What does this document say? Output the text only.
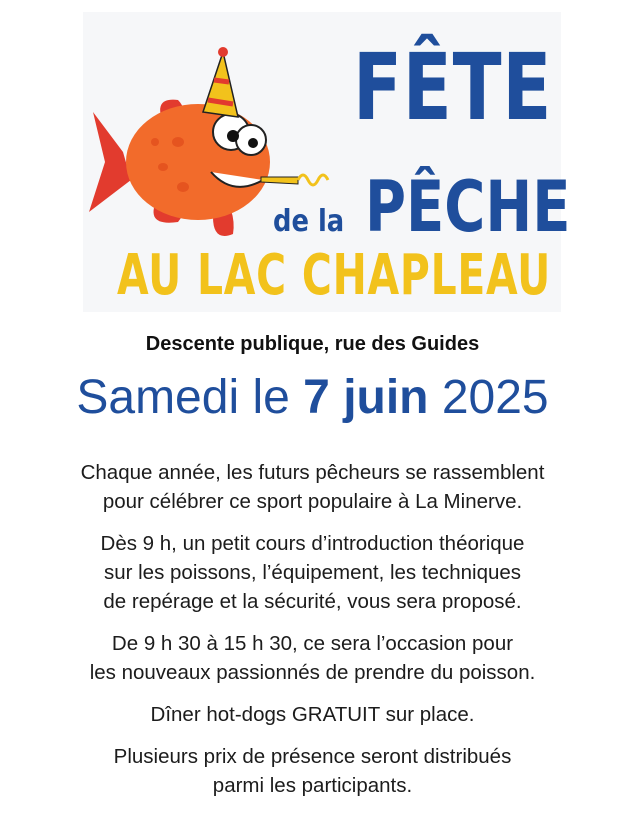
FÊTE
de la PÊCHE
AU LAC CHAPLEAU
Descente publique, rue des Guides
Samedi le 7 juin 2025

Chaque année, les futurs pêcheurs se rassemblent
pour célébrer ce sport populaire à La Minerve.

Dès 9 h, un petit cours d’introduction théorique
sur les poissons, l’équipement, les techniques
de repérage et la sécurité, vous sera proposé.

De 9 h 30 à 15 h 30, ce sera l’occasion pour
les nouveaux passionnés de prendre du poisson.

Dîner hot-dogs GRATUIT sur place.

Plusieurs prix de présence seront distribués
parmi les participants.
